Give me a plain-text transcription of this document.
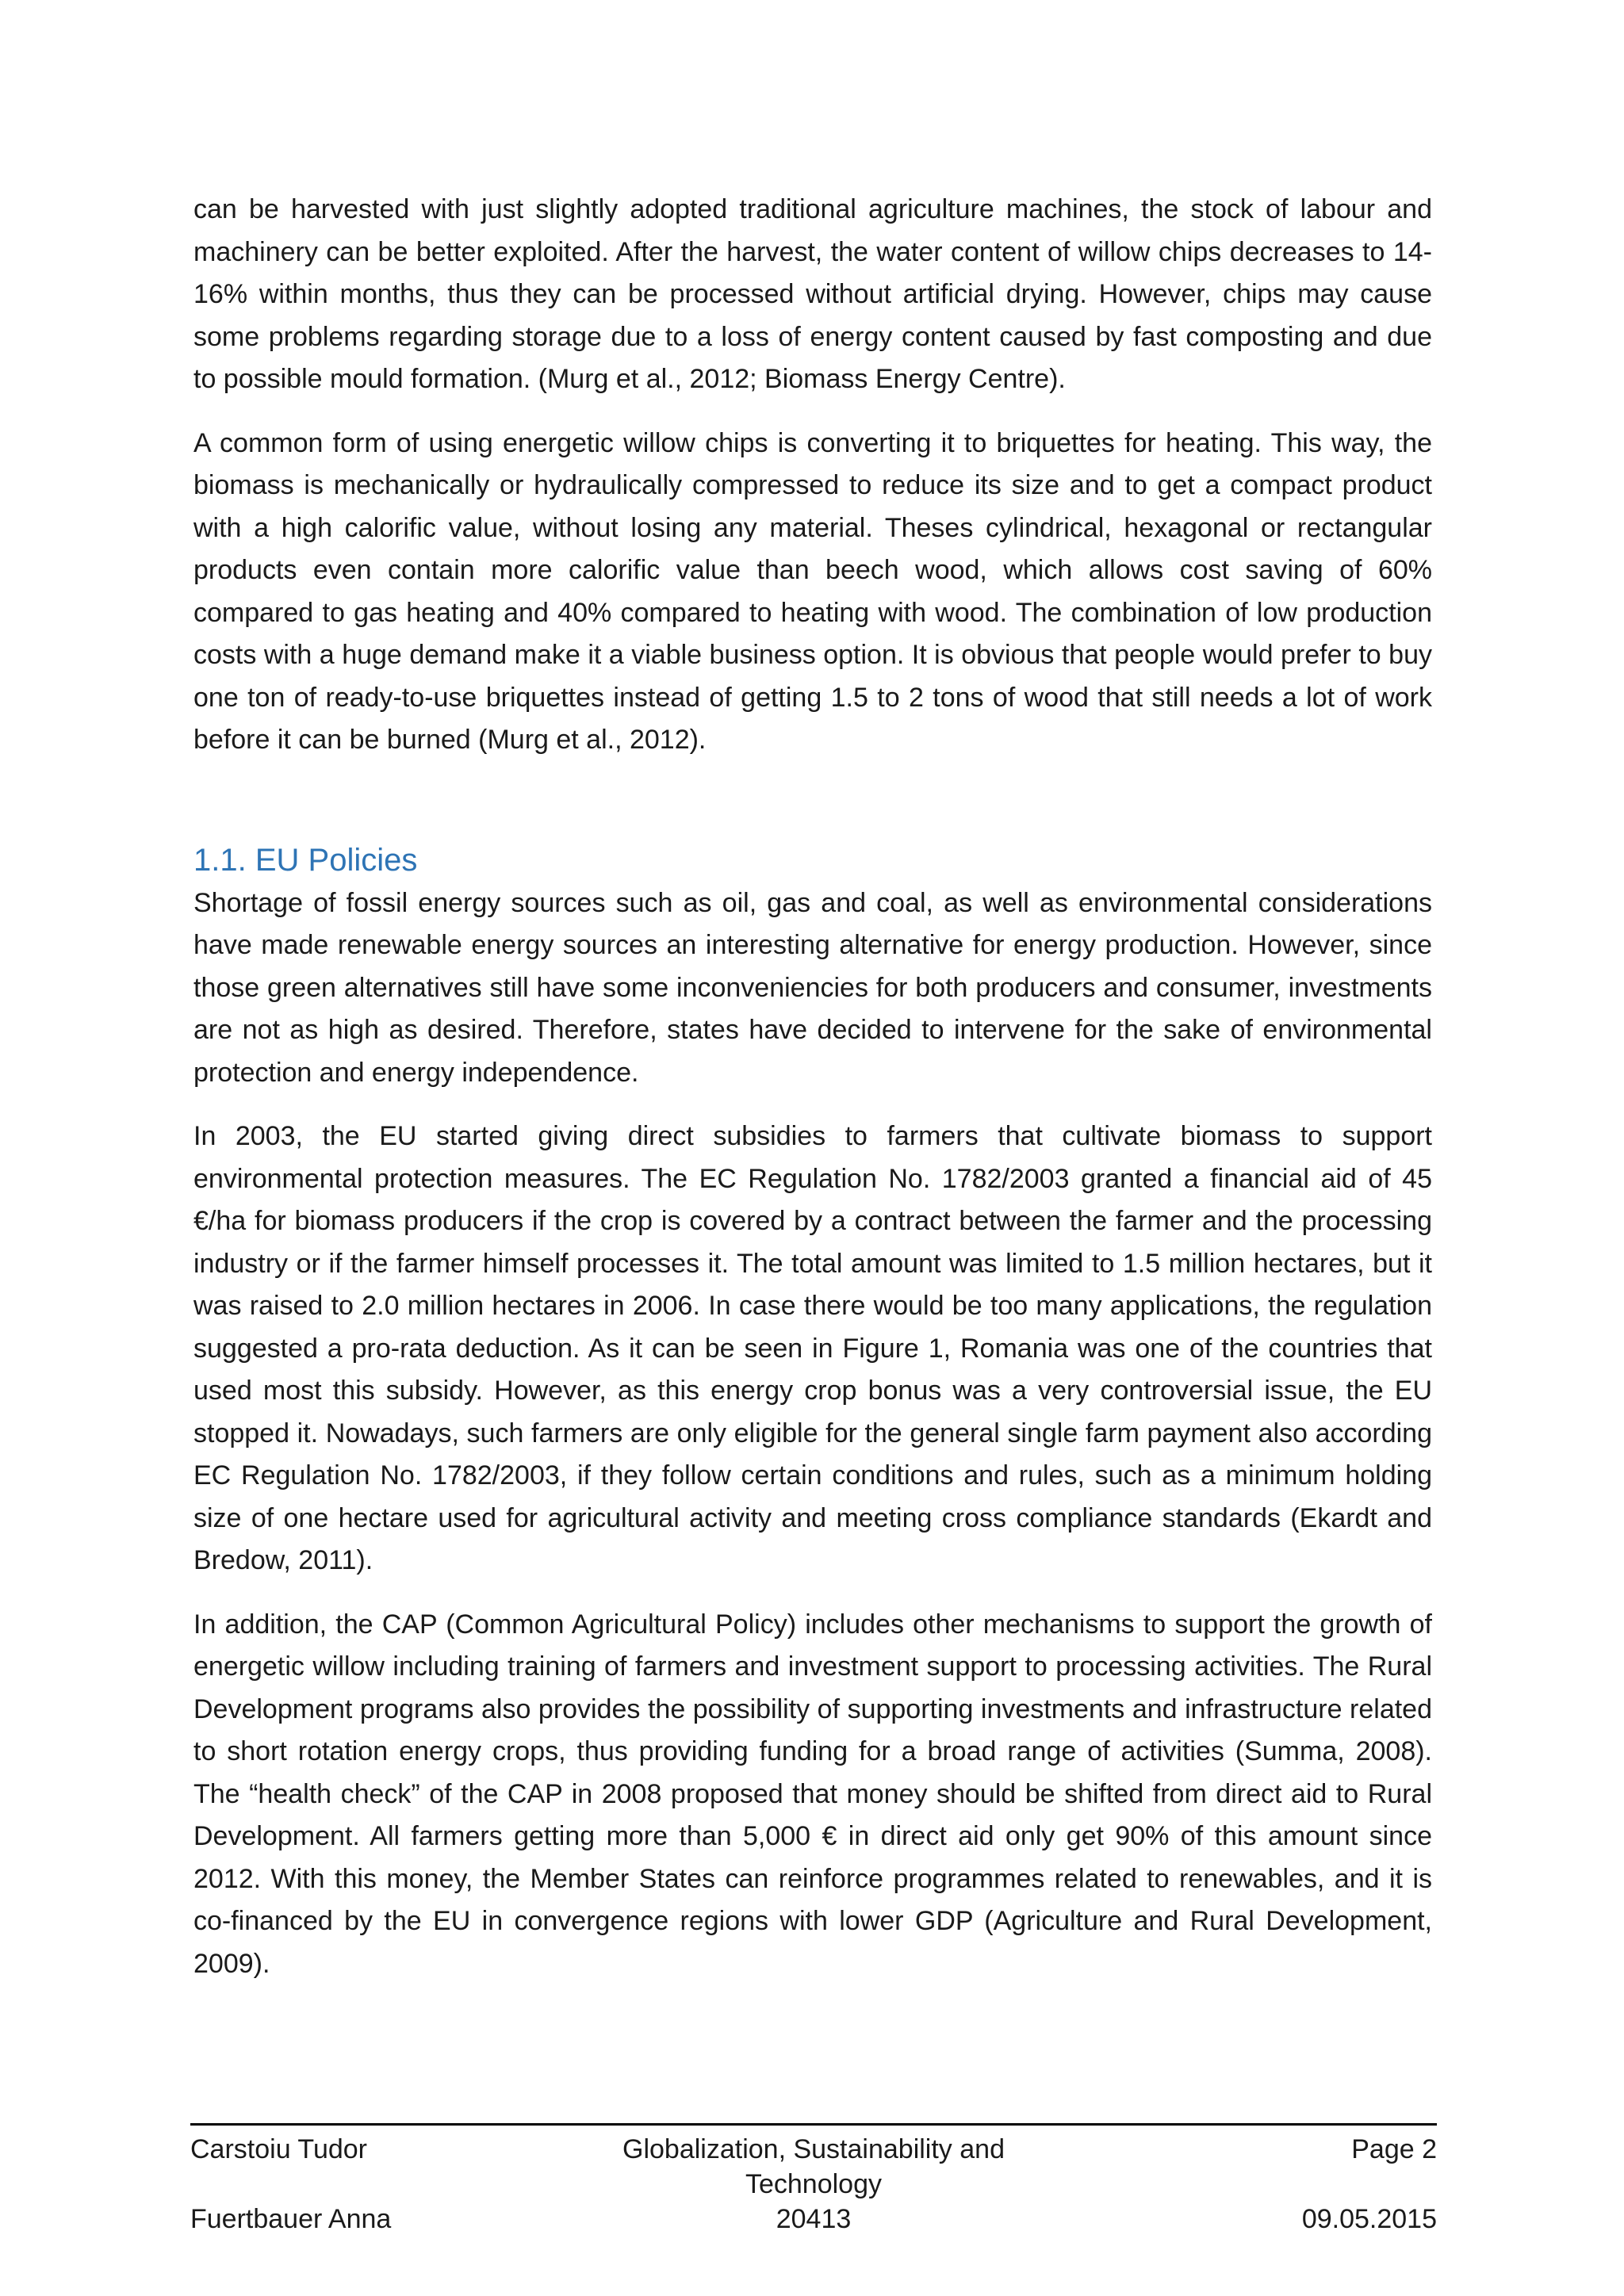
can be harvested with just slightly adopted traditional agriculture machines, the stock of labour and machinery can be better exploited. After the harvest, the water content of willow chips decreases to 14-16% within months, thus they can be processed without artificial drying. However, chips may cause some problems regarding storage due to a loss of energy content caused by fast composting and due to possible mould formation. (Murg et al., 2012; Biomass Energy Centre).

A common form of using energetic willow chips is converting it to briquettes for heating. This way, the biomass is mechanically or hydraulically compressed to reduce its size and to get a compact product with a high calorific value, without losing any material. Theses cylindrical, hexagonal or rectangular products even contain more calorific value than beech wood, which allows cost saving of 60% compared to gas heating and 40% compared to heating with wood. The combination of low production costs with a huge demand make it a viable business option. It is obvious that people would prefer to buy one ton of ready-to-use briquettes instead of getting 1.5 to 2 tons of wood that still needs a lot of work before it can be burned (Murg et al., 2012).

1.1. EU Policies

Shortage of fossil energy sources such as oil, gas and coal, as well as environmental considerations have made renewable energy sources an interesting alternative for energy production. However, since those green alternatives still have some inconveniencies for both producers and consumer, investments are not as high as desired. Therefore, states have decided to intervene for the sake of environmental protection and energy independence.

In 2003, the EU started giving direct subsidies to farmers that cultivate biomass to support environmental protection measures. The EC Regulation No. 1782/2003 granted a financial aid of 45 €/ha for biomass producers if the crop is covered by a contract between the farmer and the processing industry or if the farmer himself processes it. The total amount was limited to 1.5 million hectares, but it was raised to 2.0 million hectares in 2006. In case there would be too many applications, the regulation suggested a pro-rata deduction. As it can be seen in Figure 1, Romania was one of the countries that used most this subsidy. However, as this energy crop bonus was a very controversial issue, the EU stopped it. Nowadays, such farmers are only eligible for the general single farm payment also according EC Regulation No. 1782/2003, if they follow certain conditions and rules, such as a minimum holding size of one hectare used for agricultural activity and meeting cross compliance standards (Ekardt and Bredow, 2011).

In addition, the CAP (Common Agricultural Policy) includes other mechanisms to support the growth of energetic willow including training of farmers and investment support to processing activities. The Rural Development programs also provides the possibility of supporting investments and infrastructure related to short rotation energy crops, thus providing funding for a broad range of activities (Summa, 2008). The “health check” of the CAP in 2008 proposed that money should be shifted from direct aid to Rural Development. All farmers getting more than 5,000 € in direct aid only get 90% of this amount since 2012. With this money, the Member States can reinforce programmes related to renewables, and it is co-financed by the EU in convergence regions with lower GDP (Agriculture and Rural Development, 2009).

Carstoiu Tudor	Globalization, Sustainability and Technology
Page 2
Fuertbauer Anna	20413	09.05.2015
